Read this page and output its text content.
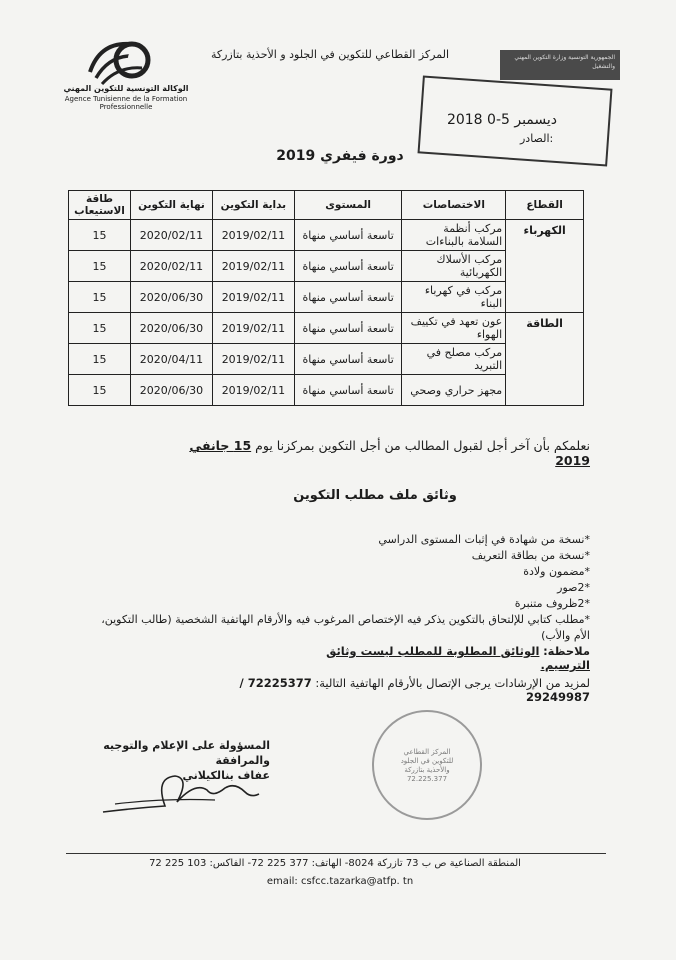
الوكالة التونسية للتكوين المهني
Agence Tunisienne de la Formation Professionnelle
المركز القطاعي للتكوين في الجلود و الأحذية بتازركة	الجمهورية التونسية وزارة التكوين المهني والتشغيل
2018 0-5 ديسمبر
الصادر:
دورة فيفري 2019
القطاع	الاختصاصات	المستوى	بداية التكوين	نهاية التكوين	طاقة الاستيعاب
الكهرباء	مركب أنظمة السلامة بالبناءات	تاسعة أساسي منهاة	2019/02/11	2020/02/11	15
	مركب الأسلاك الكهربائية	تاسعة أساسي منهاة	2019/02/11	2020/02/11	15
	مركب في كهرباء البناء	تاسعة أساسي منهاة	2019/02/11	2020/06/30	15
الطاقة	عون تعهد في تكييف الهواء	تاسعة أساسي منهاة	2019/02/11	2020/06/30	15
	مركب مصلح في التبريد	تاسعة أساسي منهاة	2019/02/11	2020/04/11	15
	مجهز حراري وصحي	تاسعة أساسي منهاة	2019/02/11	2020/06/30	15
نعلمكم بأن آخر أجل لقبول المطالب من أجل التكوين بمركزنا يوم 15 جانفي 2019
وثائق ملف مطلب التكوين
*نسخة من شهادة في إثبات المستوى الدراسي
*نسخة من بطاقة التعريف
*مضمون ولادة
*2صور
*2ظروف متنبرة
*مطلب كتابي للإلتحاق بالتكوين يذكر فيه الإختصاص المرغوب فيه والأرقام الهاتفية الشخصية (طالب التكوين، الأم والأب)
ملاحظة: الوثائق المطلوبة للمطلب ليست وثائق الترسيم.
لمزيد من الإرشادات يرجى الإتصال بالأرقام الهاتفية التالية: 72225377 / 29249987
المركز القطاعي للتكوين في الجلود والأحذية بتازركة 72.225.377
المسؤولة على الإعلام والتوجيه والمرافقة
عفاف بنالكيلاني
المنطقة الصناعية ص ب 73 تازركة 8024- الهاتف: 377 225 72- الفاكس: 103 225 72
email: csfcc.tazarka@atfp. tn
